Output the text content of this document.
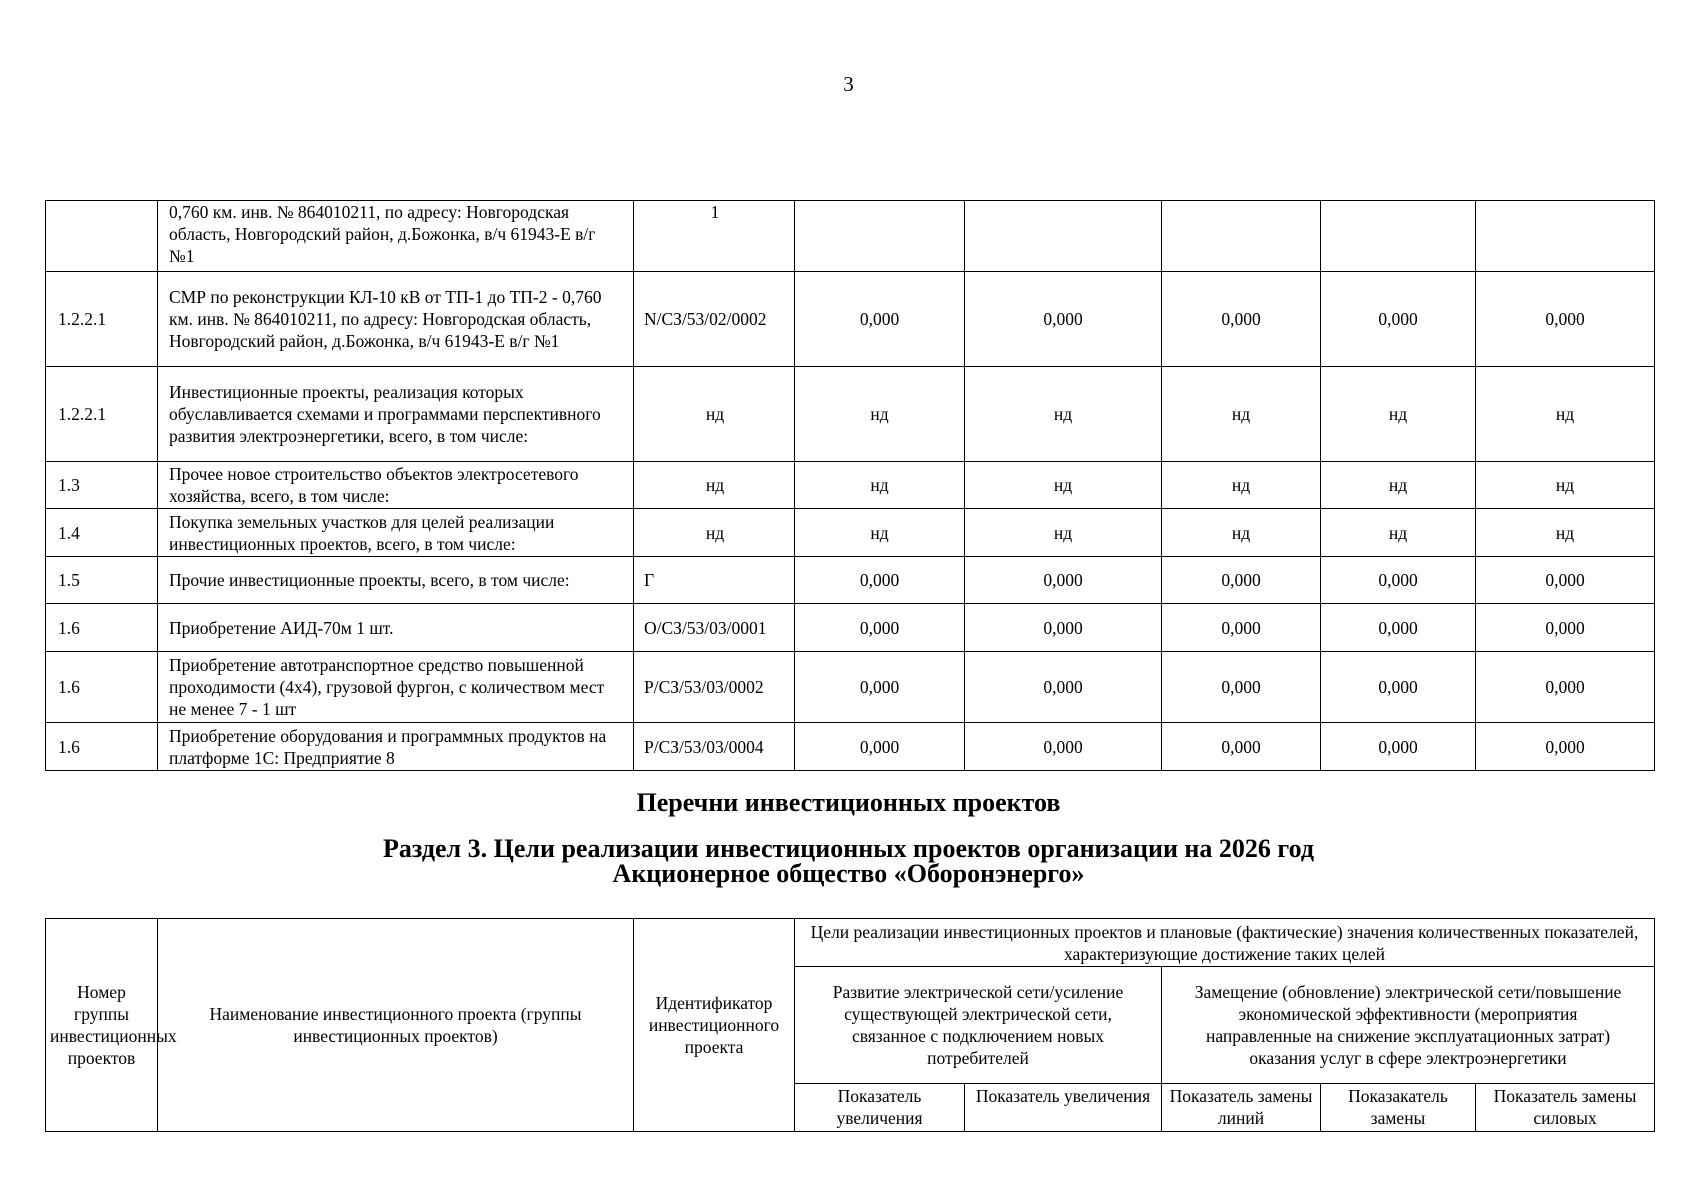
3
	0,760 км. инв. № 864010211, по адресу: Новгородская область, Новгородский район, д.Божонка, в/ч 61943-Е в/г №1	1					
1.2.2.1	СМР по реконструкции КЛ-10 кВ от ТП-1 до ТП-2 - 0,760 км. инв. № 864010211, по адресу: Новгородская область, Новгородский район, д.Божонка, в/ч 61943-Е в/г №1	N/СЗ/53/02/0002	0,000	0,000	0,000	0,000	0,000
1.2.2.1	Инвестиционные проекты, реализация которых обуславливается схемами и программами перспективного развития электроэнергетики, всего, в том числе:	нд	нд	нд	нд	нд	нд
1.3	Прочее новое строительство объектов электросетевого хозяйства, всего, в том числе:	нд	нд	нд	нд	нд	нд
1.4	Покупка земельных участков для целей реализации инвестиционных проектов, всего, в том числе:	нд	нд	нд	нд	нд	нд
1.5	Прочие инвестиционные проекты, всего, в том числе:	Г	0,000	0,000	0,000	0,000	0,000
1.6	Приобретение АИД-70м 1 шт.	О/СЗ/53/03/0001	0,000	0,000	0,000	0,000	0,000
1.6	Приобретение автотранспортное средство повышенной проходимости (4х4), грузовой фургон, с количеством мест не менее 7 - 1 шт	Р/СЗ/53/03/0002	0,000	0,000	0,000	0,000	0,000
1.6	Приобретение оборудования и программных продуктов на платформе 1С: Предприятие 8	Р/СЗ/53/03/0004	0,000	0,000	0,000	0,000	0,000
Перечни инвестиционных проектов
Раздел 3. Цели реализации инвестиционных проектов организации на 2026 год
Акционерное общество «Оборонэнерго»
Номер группы инвестиционных проектов	Наименование инвестиционного проекта (группы инвестиционных проектов)	Идентификатор инвестиционного проекта	Цели реализации инвестиционных проектов и плановые (фактические) значения количественных показателей, характеризующие достижение таких целей				
			Развитие электрической сети/усиление существующей электрической сети, связанное с подключением новых потребителей		Замещение (обновление) электрической сети/повышение экономической эффективности (мероприятия направленные на снижение эксплуатационных затрат) оказания услуг в сфере электроэнергетики		
			Показатель увеличения	Показатель увеличения	Показатель замены линий	Показакатель замены	Показатель замены силовых
